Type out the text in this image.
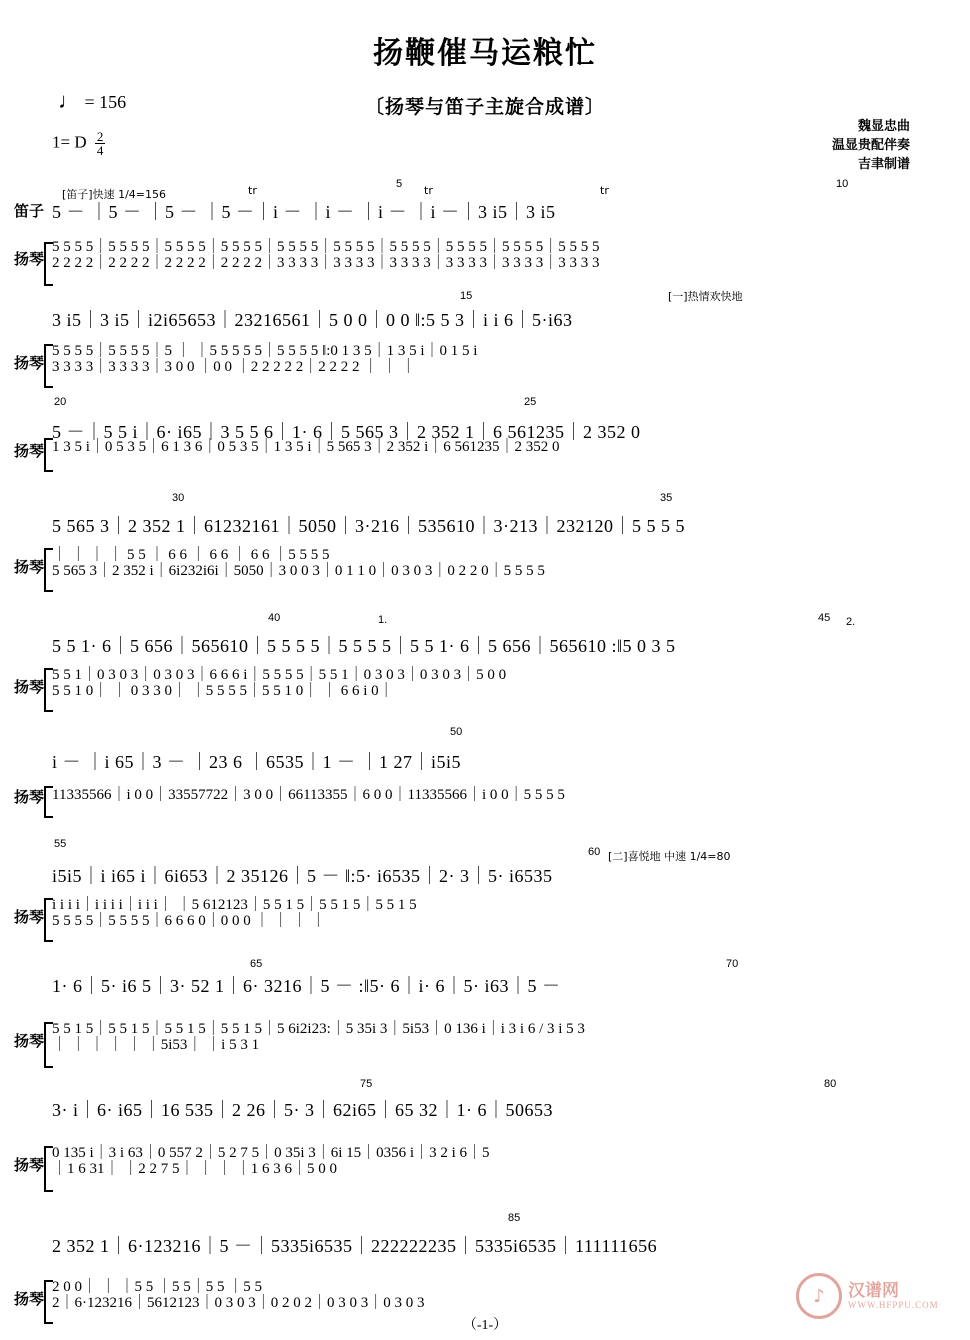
扬鞭催马运粮忙
〔扬琴与笛子主旋合成谱〕
♩ = 156
1= D $\frac{2}{4}$
魏显忠曲
温显贵配伴奏
吉聿制谱
[笛子]快速 1/4=156	tr	tr	tr
[一]热情欢快地
[二]喜悦地 中速 1/4=80
5	10
15
20	25
30	35
40	45
50
55
60
65	70
75	80
85
1.	2.
笛子 5 － ｜5 － ｜5 － ｜5 －｜i － ｜i － ｜i － ｜i －｜3 i5｜3 i5
扬琴
5 5 5 5｜5 5 5 5｜5 5 5 5｜5 5 5 5｜5 5 5 5｜5 5 5 5｜5 5 5 5｜5 5 5 5｜5 5 5 5｜5 5 5 5
2 2 2 2｜2 2 2 2｜2 2 2 2｜2 2 2 2｜3 3 3 3｜3 3 3 3｜3 3 3 3｜3 3 3 3｜3 3 3 3｜3 3 3 3
3 i5｜3 i5｜i2i65653｜23216561｜5 0 0｜0 0 ‖:5 5 3｜i i 6｜5·i63
扬琴
5 5 5 5｜5 5 5 5｜5 ｜ ｜5 5 5 5 5｜5 5 5 5 ‖:0 1 3 5｜1 3 5 i｜0 1 5 i
3 3 3 3｜3 3 3 3｜3 0 0 ｜0 0 ｜2 2 2 2 2｜2 2 2 2 ｜ ｜ ｜
5 －｜5 5 i｜6· i65｜3 5 5 6｜1· 6｜5 565 3｜2 352 1｜6 561235｜2 352 0
扬琴 1 3 5 i｜0 5 3 5｜6 1 3 6｜0 5 3 5｜1 3 5 i｜5 565 3｜2 352 i｜6 561235｜2 352 0
5 565 3｜2 352 1｜61232161｜5050｜3·216｜535610｜3·213｜232120｜5 5 5 5
扬琴
｜ ｜ ｜ ｜ 5 5 ｜ 6 6 ｜ 6 6 ｜ 6 6 ｜5 5 5 5
5 565 3｜2 352 i｜6i232i6i｜5050｜3 0 0 3｜0 1 1 0｜0 3 0 3｜0 2 2 0｜5 5 5 5
5 5 1· 6｜5 656｜565610｜5 5 5 5｜5 5 5 5｜5 5 1· 6｜5 656｜565610 :‖5 0 3 5
扬琴
5 5 1｜0 3 0 3｜0 3 0 3｜6 6 6 i｜5 5 5 5｜5 5 1｜0 3 0 3｜0 3 0 3｜5 0 0
5 5 1 0｜ ｜ 0 3 3 0｜ ｜5 5 5 5｜5 5 1 0｜ ｜ 6 6 i 0｜
i － ｜i 65｜3 － ｜23 6 ｜6535｜1 － ｜1 27｜i5i5
扬琴 11335566｜i 0 0｜33557722｜3 0 0｜66113355｜6 0 0｜11335566｜i 0 0｜5 5 5 5
i5i5｜i i65 i｜6i653｜2 35126｜5 － ‖:5· i6535｜2· 3｜5· i6535
扬琴
i i i i｜i i i i｜i i i｜ ｜5 612123｜5 5 1 5｜5 5 1 5｜5 5 1 5
5 5 5 5｜5 5 5 5｜6 6 6 0｜0 0 0 ｜ ｜ ｜ ｜
1· 6｜5· i6 5｜3· 52 1｜6· 3216｜5 － :‖5· 6｜i· 6｜5· i63｜5 －
扬琴
5 5 1 5｜5 5 1 5｜5 5 1 5｜5 5 1 5｜5 6i2i23:｜5 35i 3｜5i53｜0 136 i｜i 3 i 6 / 3 i 5 3
｜ ｜ ｜ ｜ ｜ ｜5i53｜ ｜i 5 3 1
3· i｜6· i65｜16 535｜2 26｜5· 3｜62i65｜65 32｜1· 6｜50653
扬琴
0 135 i｜3 i 63｜0 557 2｜5 2 7 5｜0 35i 3｜6i 15｜0356 i｜3 2 i 6｜5
｜1 6 31｜ ｜2 2 7 5｜ ｜ ｜ ｜1 6 3 6｜5 0 0
2 352 1｜6·123216｜5 －｜5335i6535｜222222235｜5335i6535｜111111656
扬琴
2 0 0｜ ｜ ｜5 5 ｜5 5｜5 5 ｜5 5
2｜6·123216｜5612123｜0 3 0 3｜0 2 0 2｜0 3 0 3｜0 3 0 3	♪	汉谱网
WWW.HFPPU.COM
（-1-）
